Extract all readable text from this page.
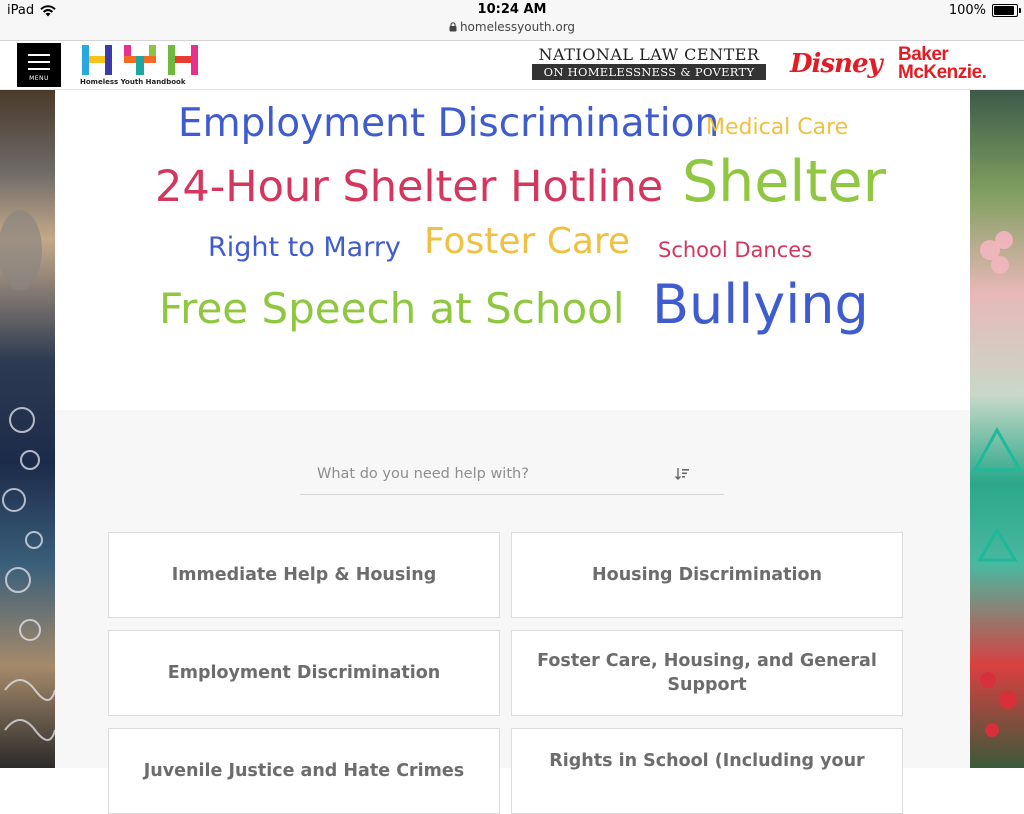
iPad	10:24 AM
homelessyouth.org
100%
MENU	Homeless Youth Handbook
NATIONAL LAW CENTER
ON HOMELESSNESS & POVERTY	Disney Baker
McKenzie.
Employment Discrimination
Medical Care
24-Hour Shelter Hotline Shelter
Right to Marry Foster Care School Dances
Free Speech at School Bullying
What do you need help with?
Immediate Help & Housing	Housing Discrimination
Employment Discrimination
Foster Care, Housing, and General Support
Juvenile Justice and Hate Crimes	Rights in School (Including your
